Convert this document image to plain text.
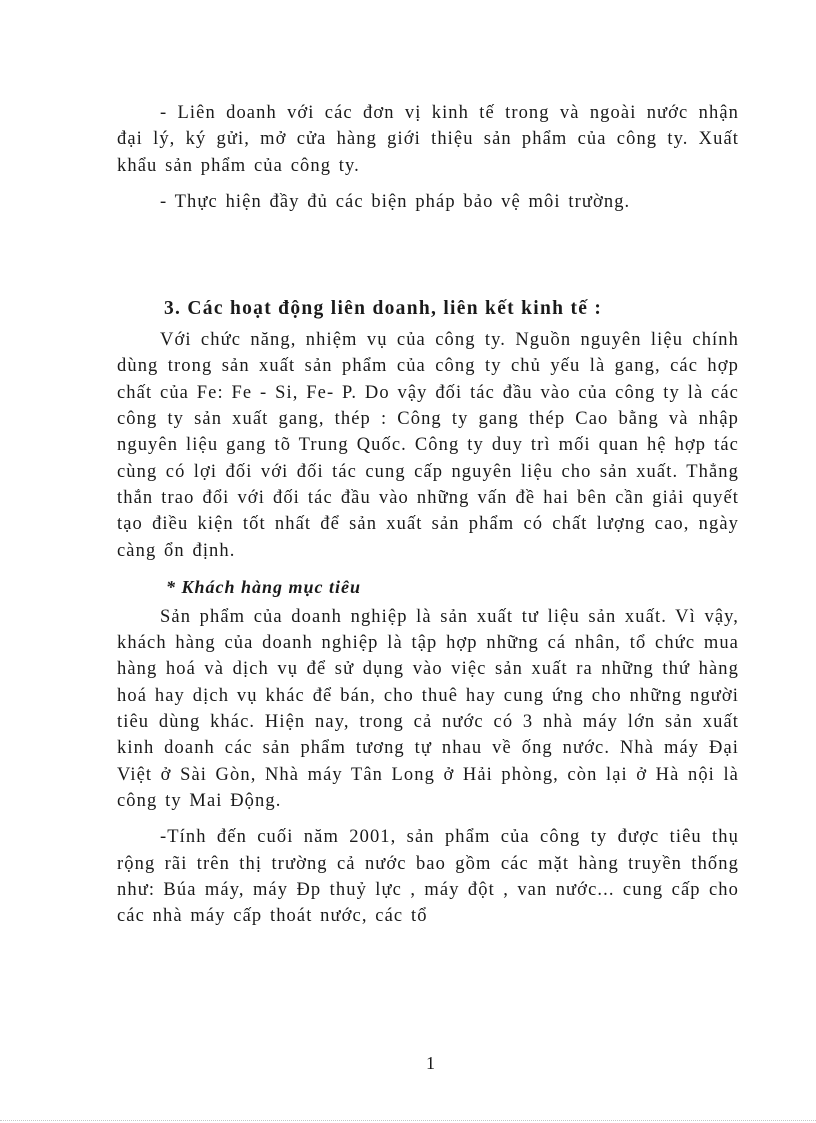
- Liên doanh với các đơn vị kinh tế trong và ngoài nước nhận đại lý, ký gửi, mở cửa hàng giới thiệu sản phẩm của công ty. Xuất khẩu sản phẩm của công ty.

- Thực hiện đầy đủ các biện pháp bảo vệ môi trường.

3. Các hoạt động liên doanh, liên kết kinh tế :

Với chức năng, nhiệm vụ của công ty. Nguồn nguyên liệu chính dùng trong sản xuất sản phẩm của công ty chủ yếu là gang, các hợp chất của Fe: Fe - Si, Fe- P. Do vậy đối tác đầu vào của công ty là các công ty sản xuất gang, thép : Công ty gang thép Cao bằng và nhập nguyên liệu gang tõ Trung Quốc. Công ty duy trì mối quan hệ hợp tác cùng có lợi đối với đối tác cung cấp nguyên liệu cho sản xuất. Thẳng thắn trao đổi với đối tác đầu vào những vấn đề hai bên cần giải quyết tạo điều kiện tốt nhất để sản xuất sản phẩm có chất lượng cao, ngày càng ổn định.

* Khách hàng mục tiêu

Sản phẩm của doanh nghiệp là sản xuất tư liệu sản xuất. Vì vậy, khách hàng của doanh nghiệp là tập hợp những cá nhân, tổ chức mua hàng hoá và dịch vụ để sử dụng vào việc sản xuất ra những thứ hàng hoá hay dịch vụ khác để bán, cho thuê hay cung ứng cho những người tiêu dùng khác. Hiện nay, trong cả nước có 3 nhà máy lớn sản xuất kinh doanh các sản phẩm tương tự nhau về ống nước. Nhà máy Đại Việt ở Sài Gòn, Nhà máy Tân Long ở Hải phòng, còn lại ở Hà nội là công ty Mai Động.

-Tính đến cuối năm 2001, sản phẩm của công ty được tiêu thụ rộng rãi trên thị trường cả nước bao gồm các mặt hàng truyền thống như: Búa máy, máy Đp thuỷ lực , máy đột , van nước... cung cấp cho các nhà máy cấp thoát nước, các tổ

1
